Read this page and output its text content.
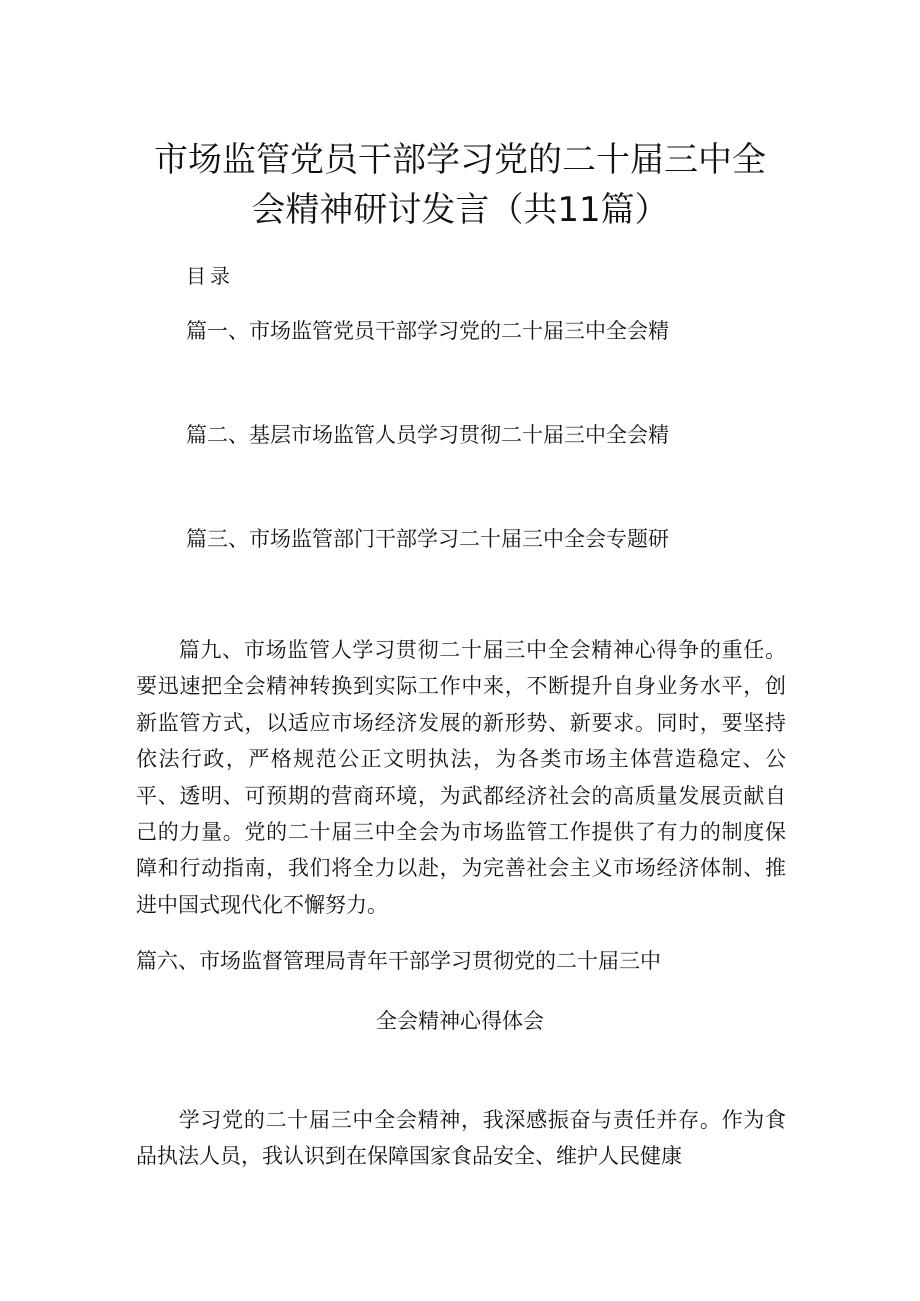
市场监管党员干部学习党的二十届三中全
会精神研讨发言（共11篇）
目录
篇一、市场监管党员干部学习党的二十届三中全会精
篇二、基层市场监管人员学习贯彻二十届三中全会精
篇三、市场监管部门干部学习二十届三中全会专题研
篇九、市场监管人学习贯彻二十届三中全会精神心得争的重任。要迅速把全会精神转换到实际工作中来，不断提升自身业务水平，创新监管方式，以适应市场经济发展的新形势、新要求。同时，要坚持依法行政，严格规范公正文明执法，为各类市场主体营造稳定、公平、透明、可预期的营商环境，为武都经济社会的高质量发展贡献自己的力量。党的二十届三中全会为市场监管工作提供了有力的制度保障和行动指南，我们将全力以赴，为完善社会主义市场经济体制、推进中国式现代化不懈努力。
篇六、市场监督管理局青年干部学习贯彻党的二十届三中
全会精神心得体会
学习党的二十届三中全会精神，我深感振奋与责任并存。作为食品执法人员，我认识到在保障国家食品安全、维护人民健康
